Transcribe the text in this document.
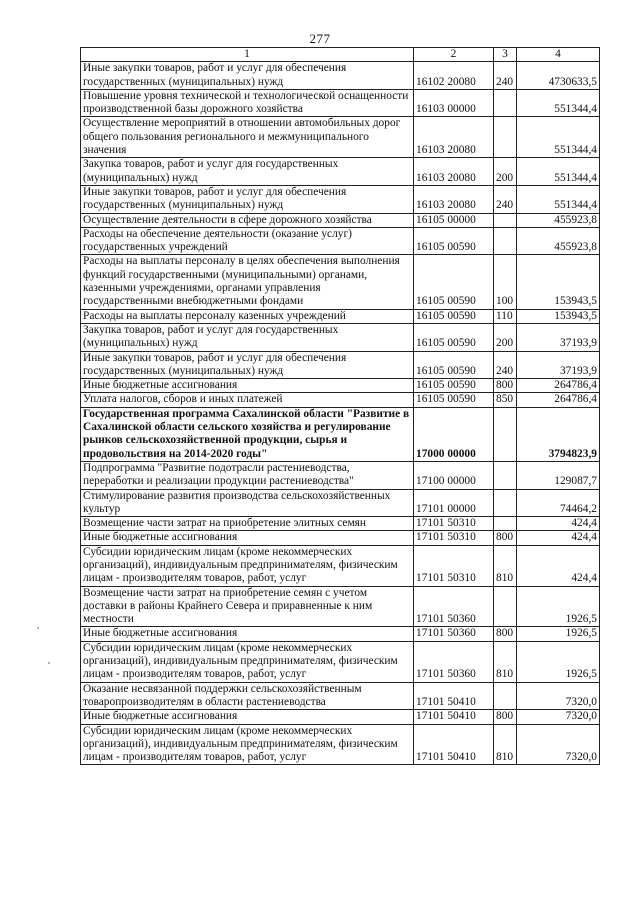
277
1	2	3	4
Иные закупки товаров, работ и услуг для обеспечения государственных (муниципальных) нужд	16102 20080	240	4730633,5
Повышение уровня технической и технологической оснащенности производственной базы дорожного хозяйства	16103 00000		551344,4
Осуществление мероприятий в отношении автомобильных дорог общего пользования регионального и межмуниципального значения	16103 20080		551344,4
Закупка товаров, работ и услуг для государственных (муниципальных) нужд	16103 20080	200	551344,4
Иные закупки товаров, работ и услуг для обеспечения государственных (муниципальных) нужд	16103 20080	240	551344,4
Осуществление деятельности в сфере дорожного хозяйства	16105 00000		455923,8
Расходы на обеспечение деятельности (оказание услуг) государственных учреждений	16105 00590		455923,8
Расходы на выплаты персоналу в целях обеспечения выполнения функций государственными (муниципальными) органами, казенными учреждениями, органами управления государственными внебюджетными фондами	16105 00590	100	153943,5
Расходы на выплаты персоналу казенных учреждений	16105 00590	110	153943,5
Закупка товаров, работ и услуг для государственных (муниципальных) нужд	16105 00590	200	37193,9
Иные закупки товаров, работ и услуг для обеспечения государственных (муниципальных) нужд	16105 00590	240	37193,9
Иные бюджетные ассигнования	16105 00590	800	264786,4
Уплата налогов, сборов и иных платежей	16105 00590	850	264786,4
Государственная программа Сахалинской области "Развитие в Сахалинской области сельского хозяйства и регулирование рынков сельскохозяйственной продукции, сырья и продовольствия на 2014-2020 годы"	17000 00000		3794823,9
Подпрограмма "Развитие подотрасли растениеводства, переработки и реализации продукции растениеводства"	17100 00000		129087,7
Стимулирование развития производства сельскохозяйственных культур	17101 00000		74464,2
Возмещение части затрат на приобретение элитных семян	17101 50310		424,4
Иные бюджетные ассигнования	17101 50310	800	424,4
Субсидии юридическим лицам (кроме некоммерческих организаций), индивидуальным предпринимателям, физическим лицам - производителям товаров, работ, услуг	17101 50310	810	424,4
Возмещение части затрат на приобретение семян с учетом доставки в районы Крайнего Севера и приравненные к ним местности	17101 50360		1926,5
Иные бюджетные ассигнования	17101 50360	800	1926,5
Субсидии юридическим лицам (кроме некоммерческих организаций), индивидуальным предпринимателям, физическим лицам - производителям товаров, работ, услуг	17101 50360	810	1926,5
Оказание несвязанной поддержки сельскохозяйственным товаропроизводителям в области растениеводства	17101 50410		7320,0
Иные бюджетные ассигнования	17101 50410	800	7320,0
Субсидии юридическим лицам (кроме некоммерческих организаций), индивидуальным предпринимателям, физическим лицам - производителям товаров, работ, услуг	17101 50410	810	7320,0
